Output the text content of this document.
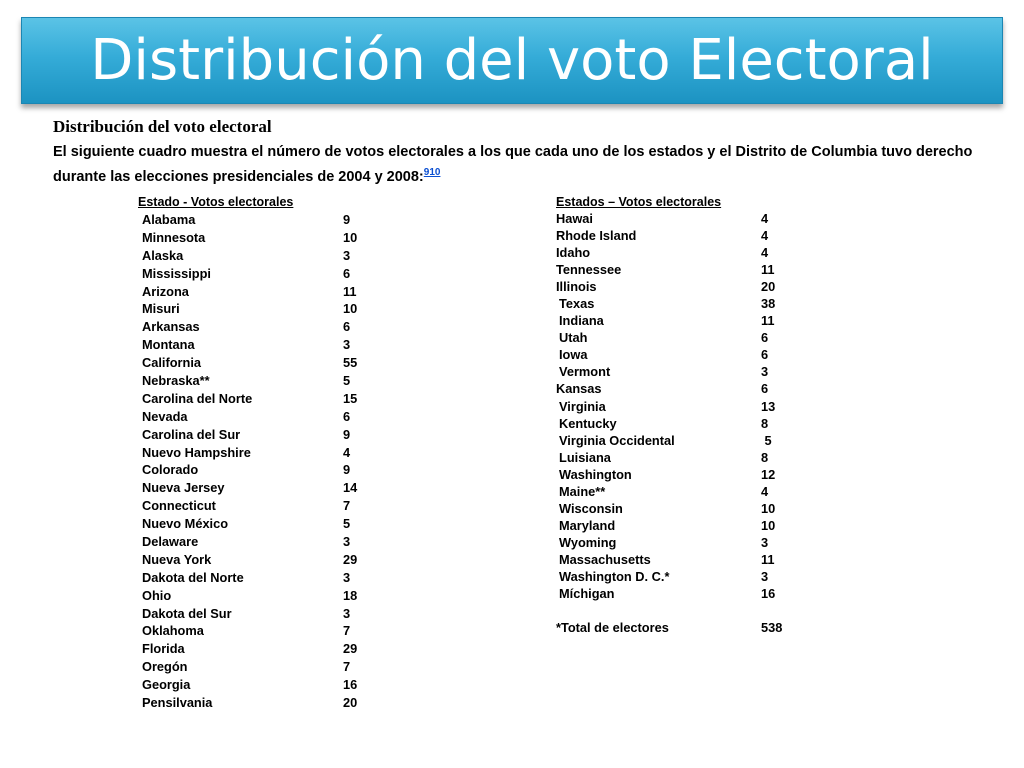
Distribución del voto Electoral
Distribución del voto electoral

El siguiente cuadro muestra el número de votos electorales a los que cada uno de los estados y el Distrito de Columbia tuvo derecho durante las elecciones presidenciales de 2004 y 2008:$^{910}$

Estado - Votos electorales
Alabama	9
Minnesota	10
Alaska	3
Mississippi	6
Arizona	11
Misuri	10
Arkansas	6
Montana	3
California	55
Nebraska**	5
Carolina del Norte	15
Nevada	6
Carolina del Sur	9
Nuevo Hampshire	4
Colorado	9
Nueva Jersey	14
Connecticut	7
Nuevo México	5
Delaware	3
Nueva York	29
Dakota del Norte	3
Ohio	18
Dakota del Sur	3
Oklahoma	7
Florida	29
Oregón	7
Georgia	16
Pensilvania	20
Estados – Votos electorales
Hawai	4
Rhode Island	4
Idaho	4
Tennessee	11
Illinois	20
Texas	38
Indiana	11
Utah	6
Iowa	6
Vermont	3
Kansas	6
Virginia	13
Kentucky	8
Virginia Occidental	5
Luisiana	8
Washington	12
Maine**	4
Wisconsin	10
Maryland	10
Wyoming	3
Massachusetts	11
Washington D. C.*	3
Míchigan	16
*Total de electores	538
